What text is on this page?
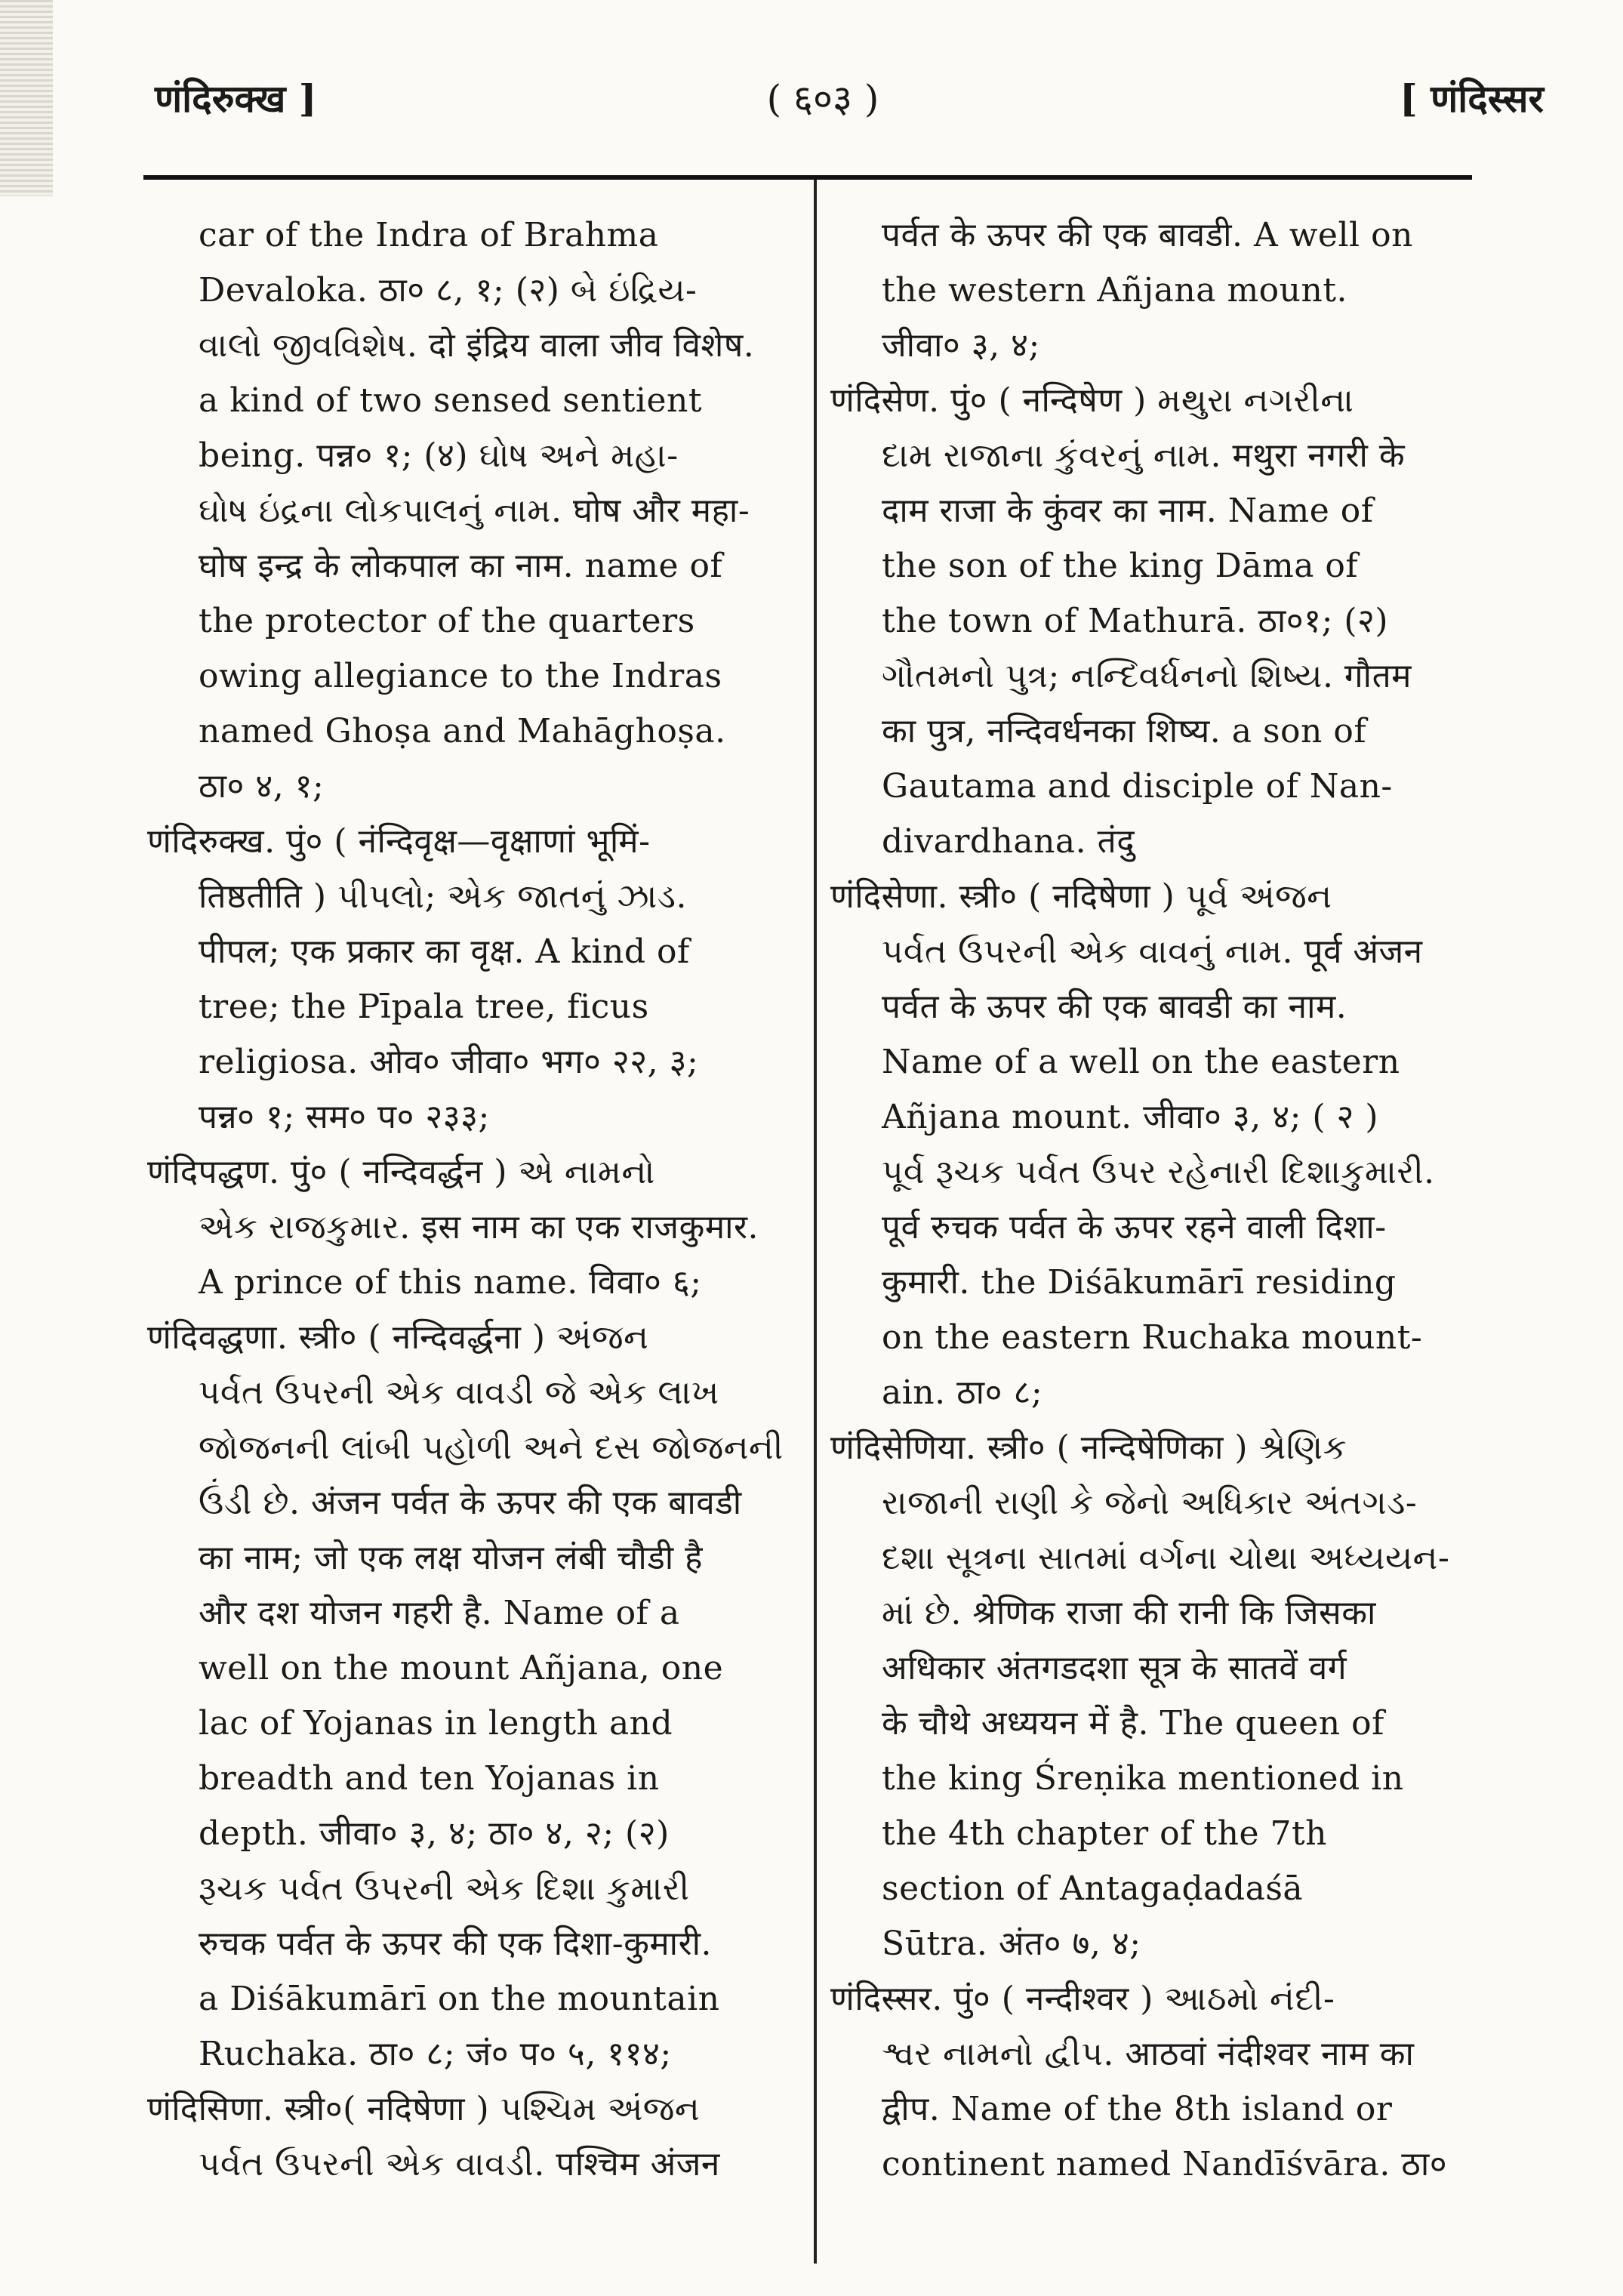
णंदिरुक्ख ]	( ६०३ )	[ णंदिस्सर
car of the Indra of Brahma
Devaloka. ठा० ८, १; (२) બે ઇંદ્રિય-
વાલો જીવવિશેષ. दो इंद्रिय वाला जीव विशेष.
a kind of two sensed sentient
being. पन्न० १; (४) ઘોષ અને મહા-
ઘોષ ઇંદ્રના લોકપાલનું નામ. घोष और महा-
घोष इन्द्र के लोकपाल का नाम. name of
the protector of the quarters
owing allegiance to the Indras
named Ghoṣa and Mahāghoṣa.
ठा० ४, १;
णंदिरुक्ख. पुं० ( नंन्दिवृक्ष—वृक्षाणां भूमिं-
तिष्ठतीति ) પીપલો; એક જાતનું ઝાડ.
पीपल; एक प्रकार का वृक्ष. A kind of
tree; the Pīpala tree, ficus
religiosa. ओव० जीवा० भग० २२, ३;
पन्न० १; सम० प० २३३;
णंदिपद्धण. पुं० ( नन्दिवर्द्धन ) એ નામનો
એક રાજકુમાર. इस नाम का एक राजकुमार.
A prince of this name. विवा० ६;
णंदिवद्धणा. स्त्री० ( नन्दिवर्द्धना ) અંજન
પર્વત ઉપરની એક વાવડી જે એક લાખ
જોજનની લાંબી પહોળી અને દસ જોજનની
ઉંડી છે. अंजन पर्वत के ऊपर की एक बावडी
का नाम; जो एक लक्ष योजन लंबी चौडी है
और दश योजन गहरी है. Name of a
well on the mount Añjana, one
lac of Yojanas in length and
breadth and ten Yojanas in
depth. जीवा० ३, ४; ठा० ४, २; (२)
રૂચક પર્વત ઉપરની એક દિશા કુમારી
रुचक पर्वत के ऊपर की एक दिशा-कुमारी.
a Diśākumārī on the mountain
Ruchaka. ठा० ८; जं० प० ५, ११४;
णंदिसिणा. स्त्री०( नदिषेणा ) પશ્ચિમ અંજન
પર્વત ઉપરની એક વાવડી. पश्चिम अंजन
पर्वत के ऊपर की एक बावडी. A well on
the western Añjana mount.
जीवा० ३, ४;
णंदिसेण. पुं० ( नन्दिषेण ) મથુરા નગરીના
દામ રાજાના કુંવરનું નામ. मथुरा नगरी के
दाम राजा के कुंवर का नाम. Name of
the son of the king Dāma of
the town of Mathurā. ठा०१; (२)
ગૌતમનો પુત્ર; નન્દિવર્ધનનો શિષ્ય. गौतम
का पुत्र, नन्दिवर्धनका शिष्य. a son of
Gautama and disciple of Nan-
divardhana. तंदु
णंदिसेणा. स्त्री० ( नदिषेणा ) પૂર્વ અંજન
પર્વત ઉપરની એક વાવનું નામ. पूर्व अंजन
पर्वत के ऊपर की एक बावडी का नाम.
Name of a well on the eastern
Añjana mount. जीवा० ३, ४; ( २ )
પૂર્વ રૂચક પર્વત ઉપર રહેનારી દિશાકુમારી.
पूर्व रुचक पर्वत के ऊपर रहने वाली दिशा-
कुमारी. the Diśākumārī residing
on the eastern Ruchaka mount-
ain. ठा० ८;
णंदिसेणिया. स्त्री० ( नन्दिषेणिका ) શ્રેણિક
રાજાની રાણી કે જેનો અધિકાર અંતગડ-
દશા સૂત્રના સાતમાં વર્ગના ચોથા અધ્યયન-
માં છે. श्रेणिक राजा की रानी कि जिसका
अधिकार अंतगडदशा सूत्र के सातवें वर्ग
के चौथे अध्ययन में है. The queen of
the king Śreṇika mentioned in
the 4th chapter of the 7th
section of Antagaḍadaśā
Sūtra. अंत० ७, ४;
णंदिस्सर. पुं० ( नन्दीश्वर ) આઠમો નંદી-
શ્વર નામનો દ્વીપ. आठवां नंदीश्वर नाम का
द्वीप. Name of the 8th island or
continent named Nandīśvāra. ठा०
